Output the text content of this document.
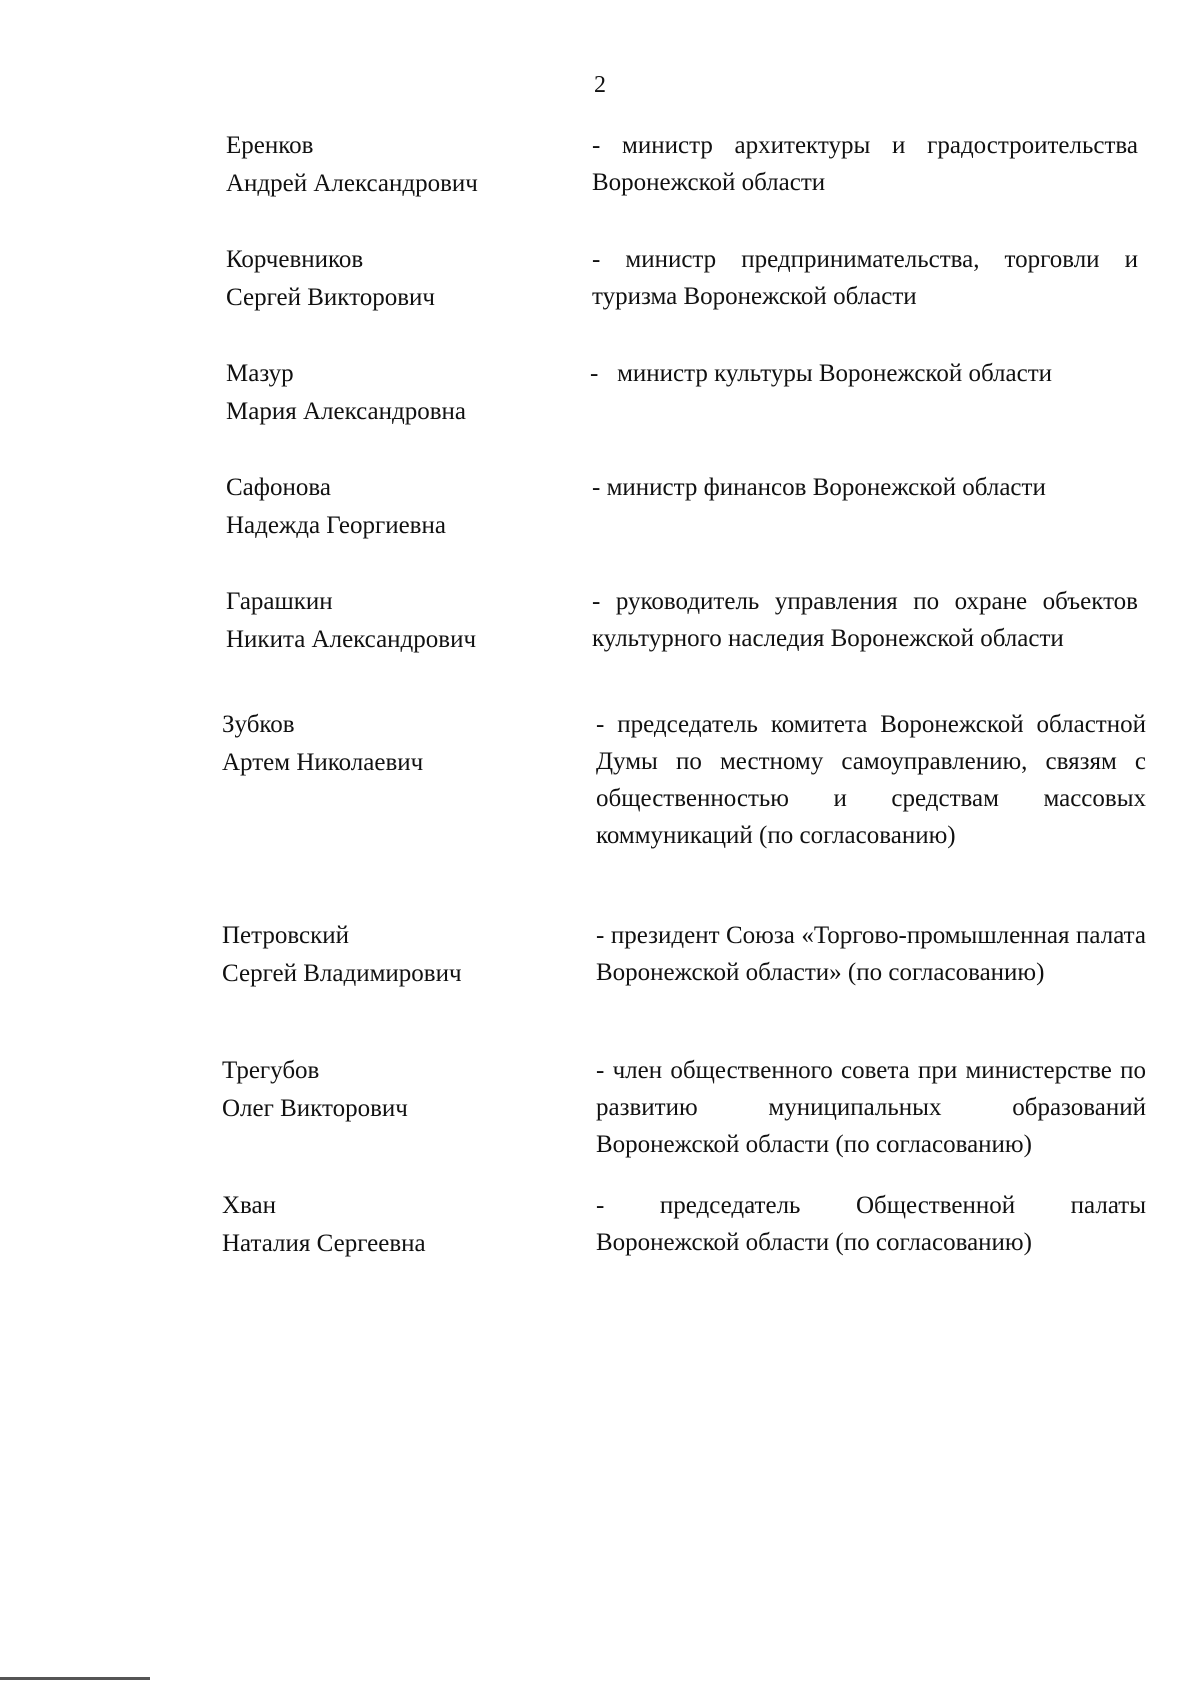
2
Еренков
Андрей Александрович
- министр архитектуры и градостроительства Воронежской области
Корчевников
Сергей Викторович
- министр предпринимательства, торговли и туризма Воронежской области
Мазур
Мария Александровна
-   министр культуры Воронежской области
Сафонова
Надежда Георгиевна
- министр финансов Воронежской области
Гарашкин
Никита Александрович
- руководитель управления по охране объектов культурного наследия Воронежской области
Зубков
Артем Николаевич
- председатель комитета Воронежской областной Думы по местному самоуправлению, связям с общественностью и средствам массовых коммуникаций (по согласованию)
Петровский
Сергей Владимирович
- президент Союза «Торгово-промышленная палата Воронежской области» (по согласованию)
Трегубов
Олег Викторович
- член общественного совета при министерстве по развитию муниципальных образований Воронежской области (по согласованию)
Хван
Наталия Сергеевна
- председатель Общественной палаты Воронежской области (по согласованию)
